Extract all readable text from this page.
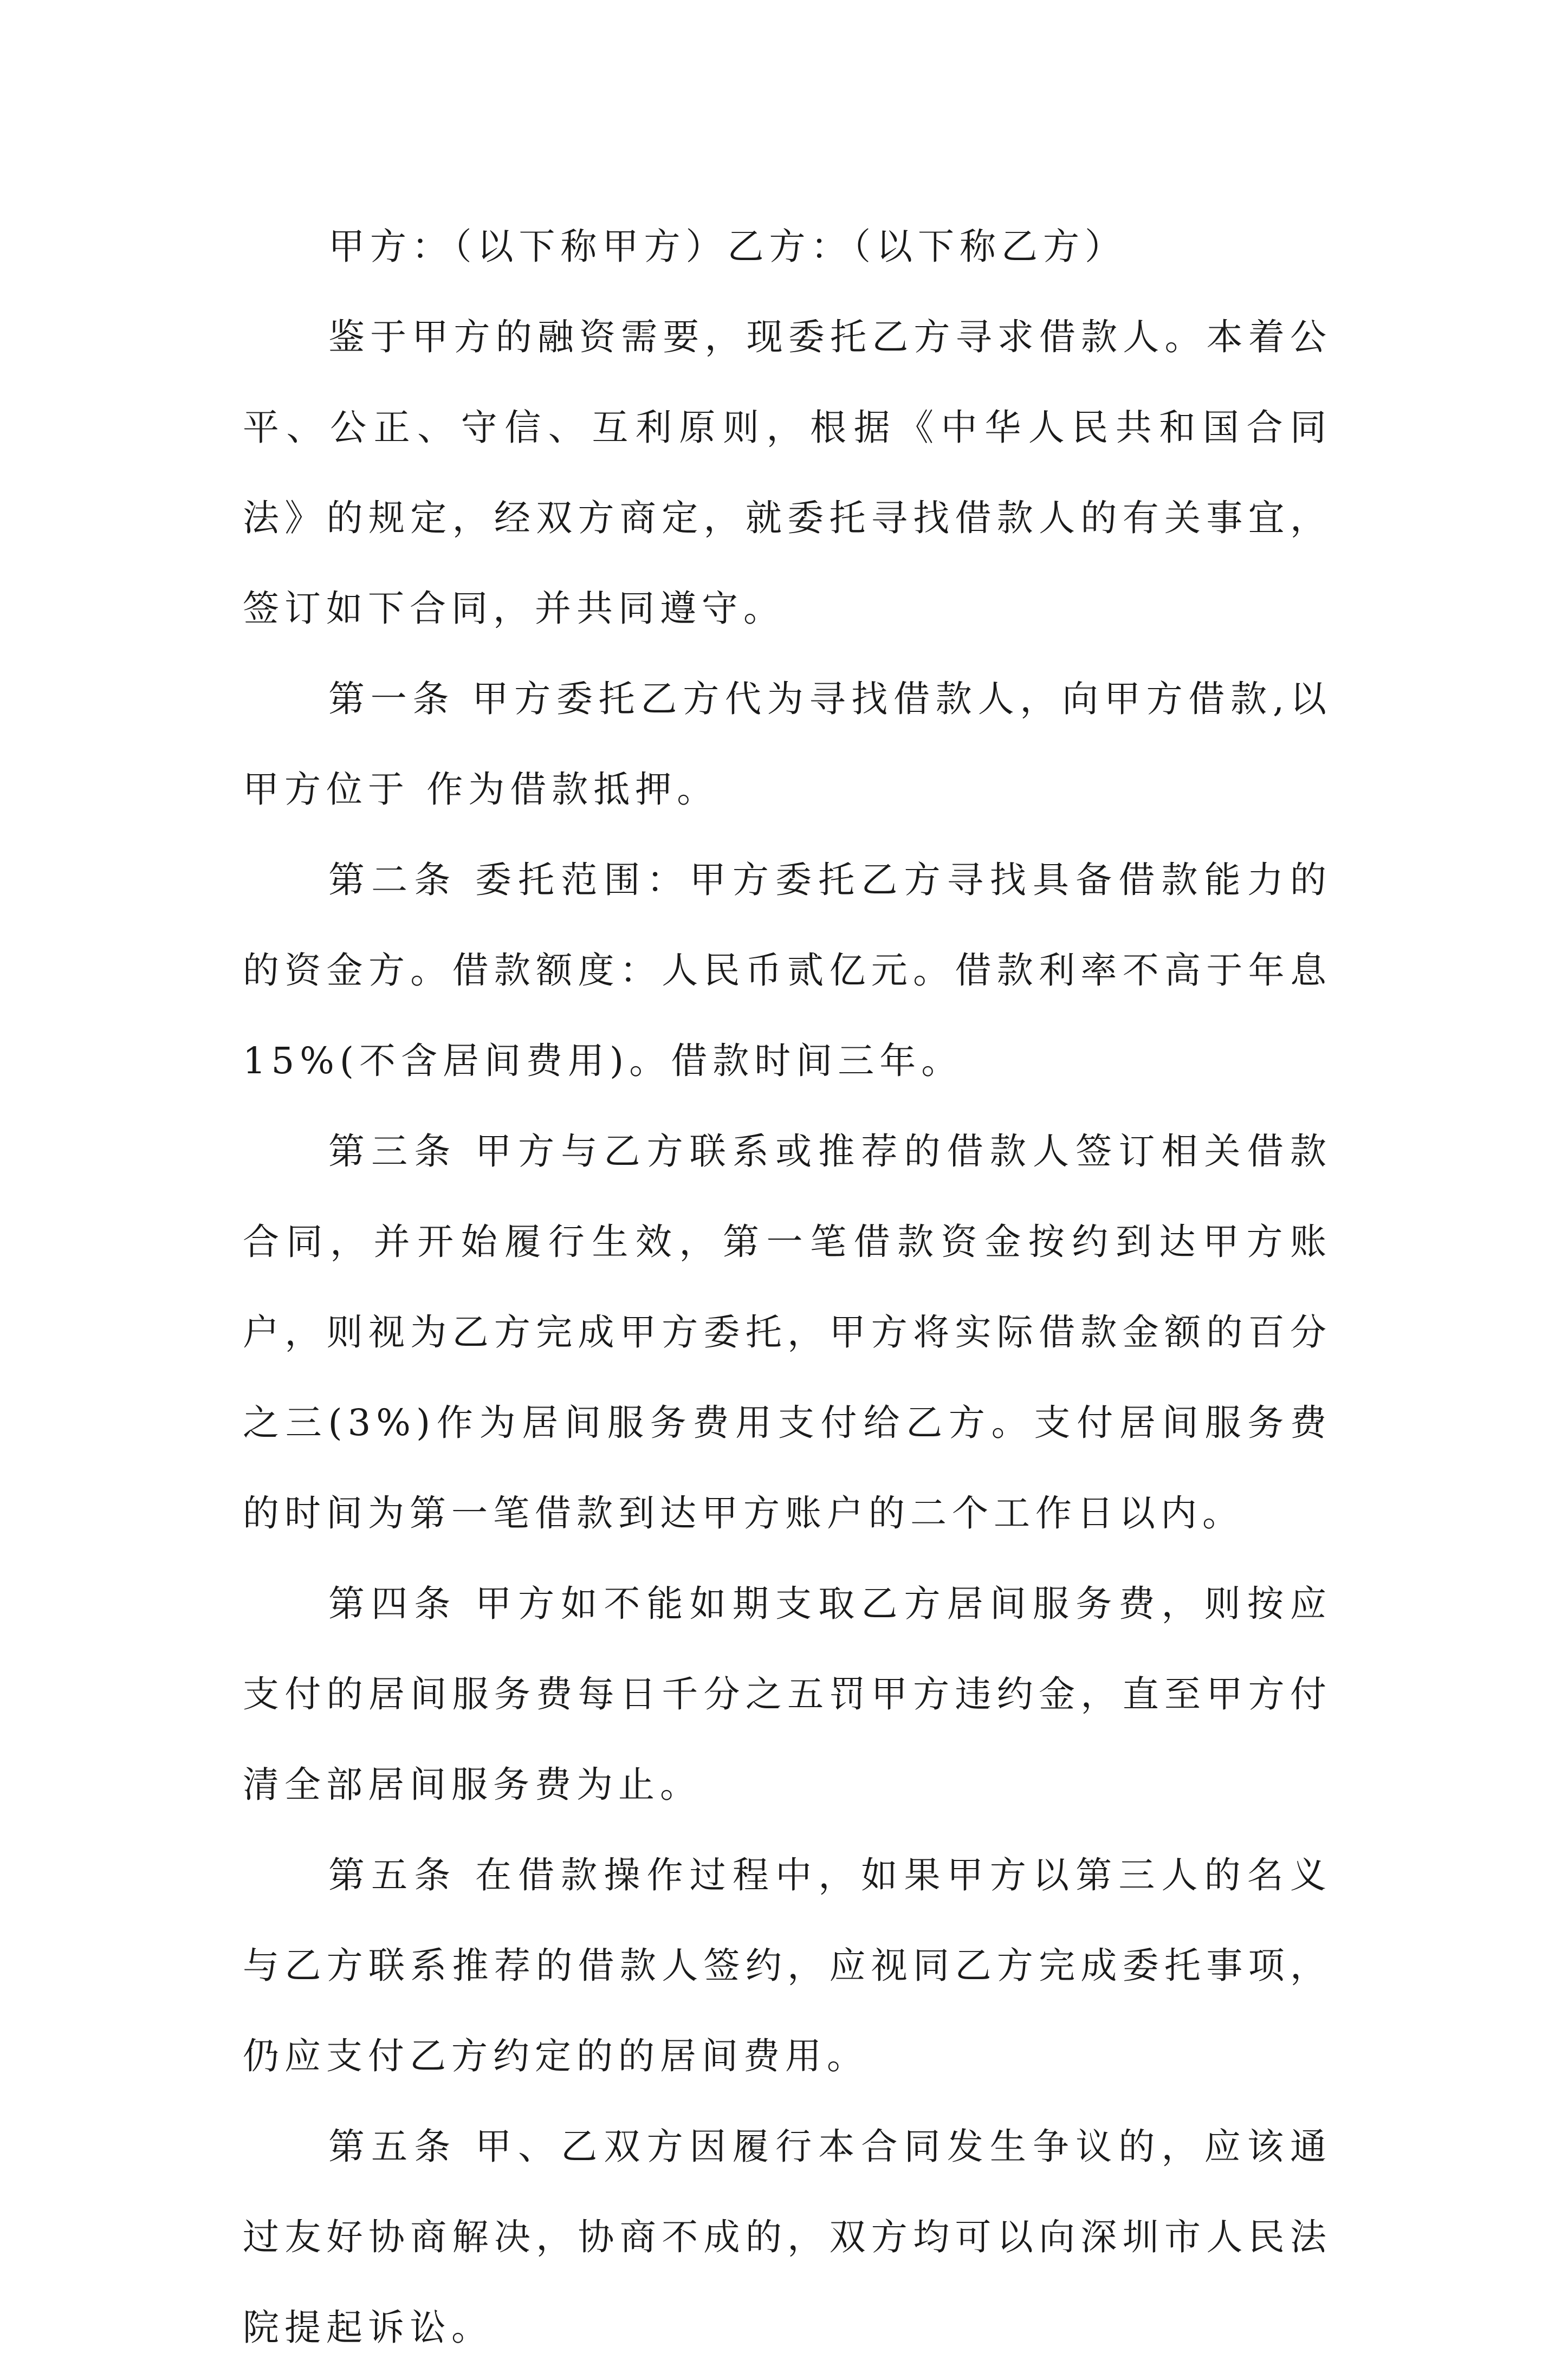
甲方：（以下称甲方）乙方：（以下称乙方）

鉴于甲方的融资需要，现委托乙方寻求借款人。本着公平、公正、守信、互利原则，根据《中华人民共和国合同法》的规定，经双方商定，就委托寻找借款人的有关事宜，签订如下合同，并共同遵守。

第一条 甲方委托乙方代为寻找借款人，向甲方借款,以甲方位于 作为借款抵押。

第二条 委托范围：甲方委托乙方寻找具备借款能力的的资金方。借款额度：人民币贰亿元。借款利率不高于年息15%(不含居间费用)。借款时间三年。

第三条 甲方与乙方联系或推荐的借款人签订相关借款合同，并开始履行生效，第一笔借款资金按约到达甲方账户，则视为乙方完成甲方委托，甲方将实际借款金额的百分之三(3%)作为居间服务费用支付给乙方。支付居间服务费的时间为第一笔借款到达甲方账户的二个工作日以内。

第四条 甲方如不能如期支取乙方居间服务费，则按应支付的居间服务费每日千分之五罚甲方违约金，直至甲方付清全部居间服务费为止。

第五条 在借款操作过程中，如果甲方以第三人的名义与乙方联系推荐的借款人签约，应视同乙方完成委托事项，仍应支付乙方约定的的居间费用。

第五条 甲、乙双方因履行本合同发生争议的，应该通过友好协商解决，协商不成的，双方均可以向深圳市人民法院提起诉讼。
